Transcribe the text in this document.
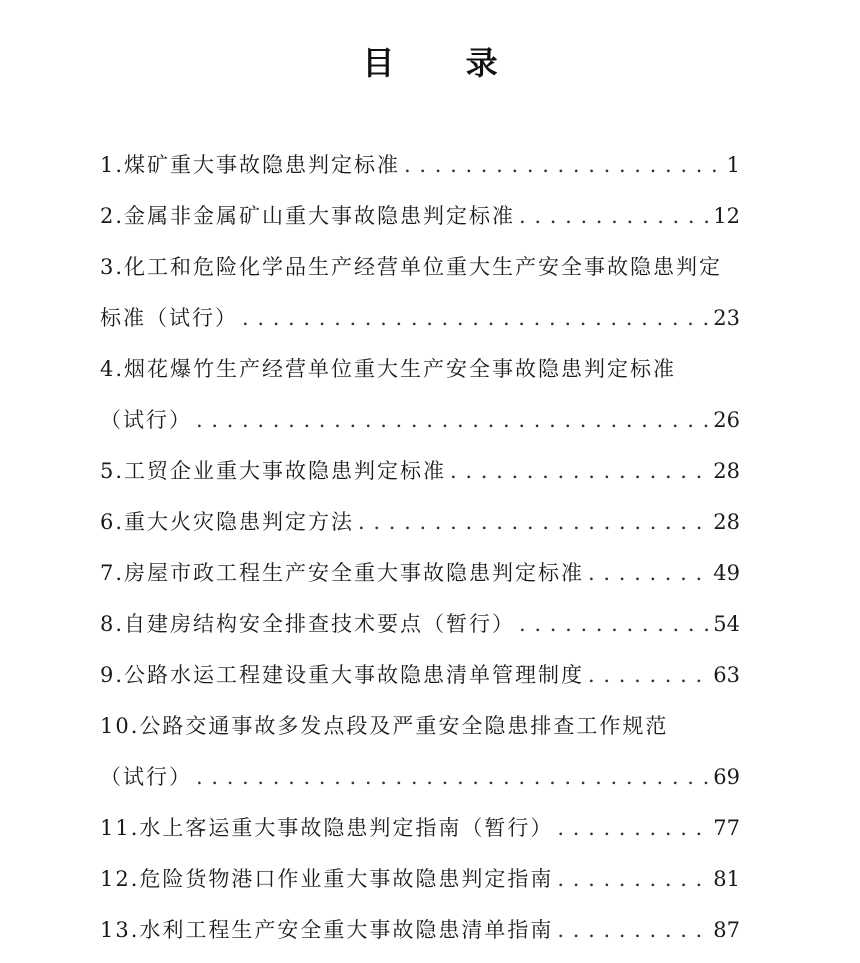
目 录
1.煤矿重大事故隐患判定标准 . . .	1
2.金属非金属矿山重大事故隐患判定标准 . . .	12
3.化工和危险化学品生产经营单位重大生产安全事故隐患判定
标准（试行） . . .	23
4.烟花爆竹生产经营单位重大生产安全事故隐患判定标准
（试行） . . .	26
5.工贸企业重大事故隐患判定标准 . . .	28
6.重大火灾隐患判定方法 . . .	28
7.房屋市政工程生产安全重大事故隐患判定标准 . . .	49
8.自建房结构安全排查技术要点（暂行） . . .	54
9.公路水运工程建设重大事故隐患清单管理制度 . . .	63
10.公路交通事故多发点段及严重安全隐患排查工作规范
（试行） . . .	69
11.水上客运重大事故隐患判定指南（暂行） . . .	77
12.危险货物港口作业重大事故隐患判定指南 . . .	81
13.水利工程生产安全重大事故隐患清单指南 . . .	87
